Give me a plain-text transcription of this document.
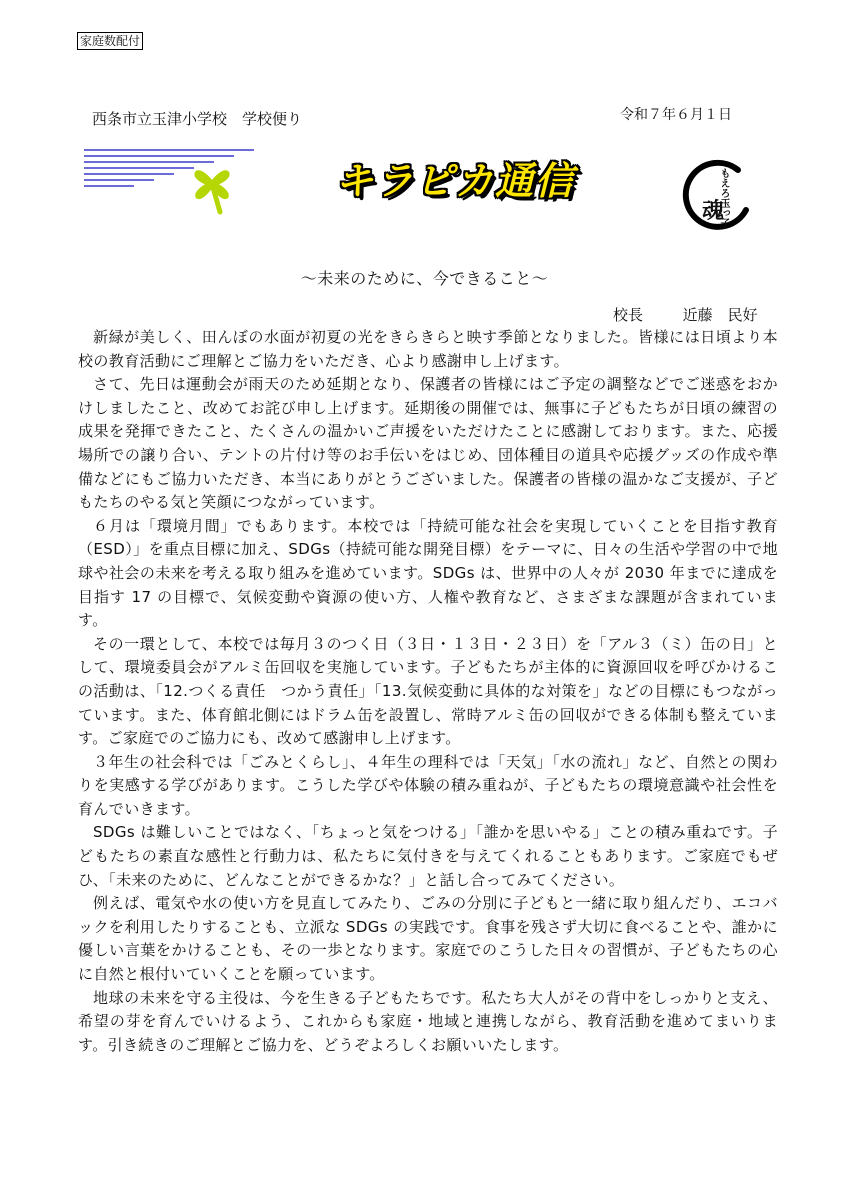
家庭数配付
西条市立玉津小学校　学校便り	令和７年６月１日
キラピカ通信	もえろ玉っ子
魂
～未来のために、今できること～
校長	近藤　民好

新緑が美しく、田んぼの水面が初夏の光をきらきらと映す季節となりました。皆様には日頃より本校の教育活動にご理解とご協力をいただき、心より感謝申し上げます。

さて、先日は運動会が雨天のため延期となり、保護者の皆様にはご予定の調整などでご迷惑をおかけしましたこと、改めてお詫び申し上げます。延期後の開催では、無事に子どもたちが日頃の練習の成果を発揮できたこと、たくさんの温かいご声援をいただけたことに感謝しております。また、応援場所での譲り合い、テントの片付け等のお手伝いをはじめ、団体種目の道具や応援グッズの作成や準備などにもご協力いただき、本当にありがとうございました。保護者の皆様の温かなご支援が、子どもたちのやる気と笑顔につながっています。

６月は「環境月間」でもあります。本校では「持続可能な社会を実現していくことを目指す教育（ESD）」を重点目標に加え、SDGs（持続可能な開発目標）をテーマに、日々の生活や学習の中で地球や社会の未来を考える取り組みを進めています。SDGs は、世界中の人々が 2030 年までに達成を目指す 17 の目標で、気候変動や資源の使い方、人権や教育など、さまざまな課題が含まれています。

その一環として、本校では毎月３のつく日（３日・１３日・２３日）を「アル３（ミ）缶の日」として、環境委員会がアルミ缶回収を実施しています。子どもたちが主体的に資源回収を呼びかけるこの活動は、「12.つくる責任　つかう責任」「13.気候変動に具体的な対策を」などの目標にもつながっています。また、体育館北側にはドラム缶を設置し、常時アルミ缶の回収ができる体制も整えています。ご家庭でのご協力にも、改めて感謝申し上げます。

３年生の社会科では「ごみとくらし」、４年生の理科では「天気」「水の流れ」など、自然との関わりを実感する学びがあります。こうした学びや体験の積み重ねが、子どもたちの環境意識や社会性を育んでいきます。

SDGs は難しいことではなく、「ちょっと気をつける」「誰かを思いやる」ことの積み重ねです。子どもたちの素直な感性と行動力は、私たちに気付きを与えてくれることもあります。ご家庭でもぜひ、「未来のために、どんなことができるかな？」と話し合ってみてください。

例えば、電気や水の使い方を見直してみたり、ごみの分別に子どもと一緒に取り組んだり、エコバックを利用したりすることも、立派な SDGs の実践です。食事を残さず大切に食べることや、誰かに優しい言葉をかけることも、その一歩となります。家庭でのこうした日々の習慣が、子どもたちの心に自然と根付いていくことを願っています。

地球の未来を守る主役は、今を生きる子どもたちです。私たち大人がその背中をしっかりと支え、希望の芽を育んでいけるよう、これからも家庭・地域と連携しながら、教育活動を進めてまいります。引き続きのご理解とご協力を、どうぞよろしくお願いいたします。
